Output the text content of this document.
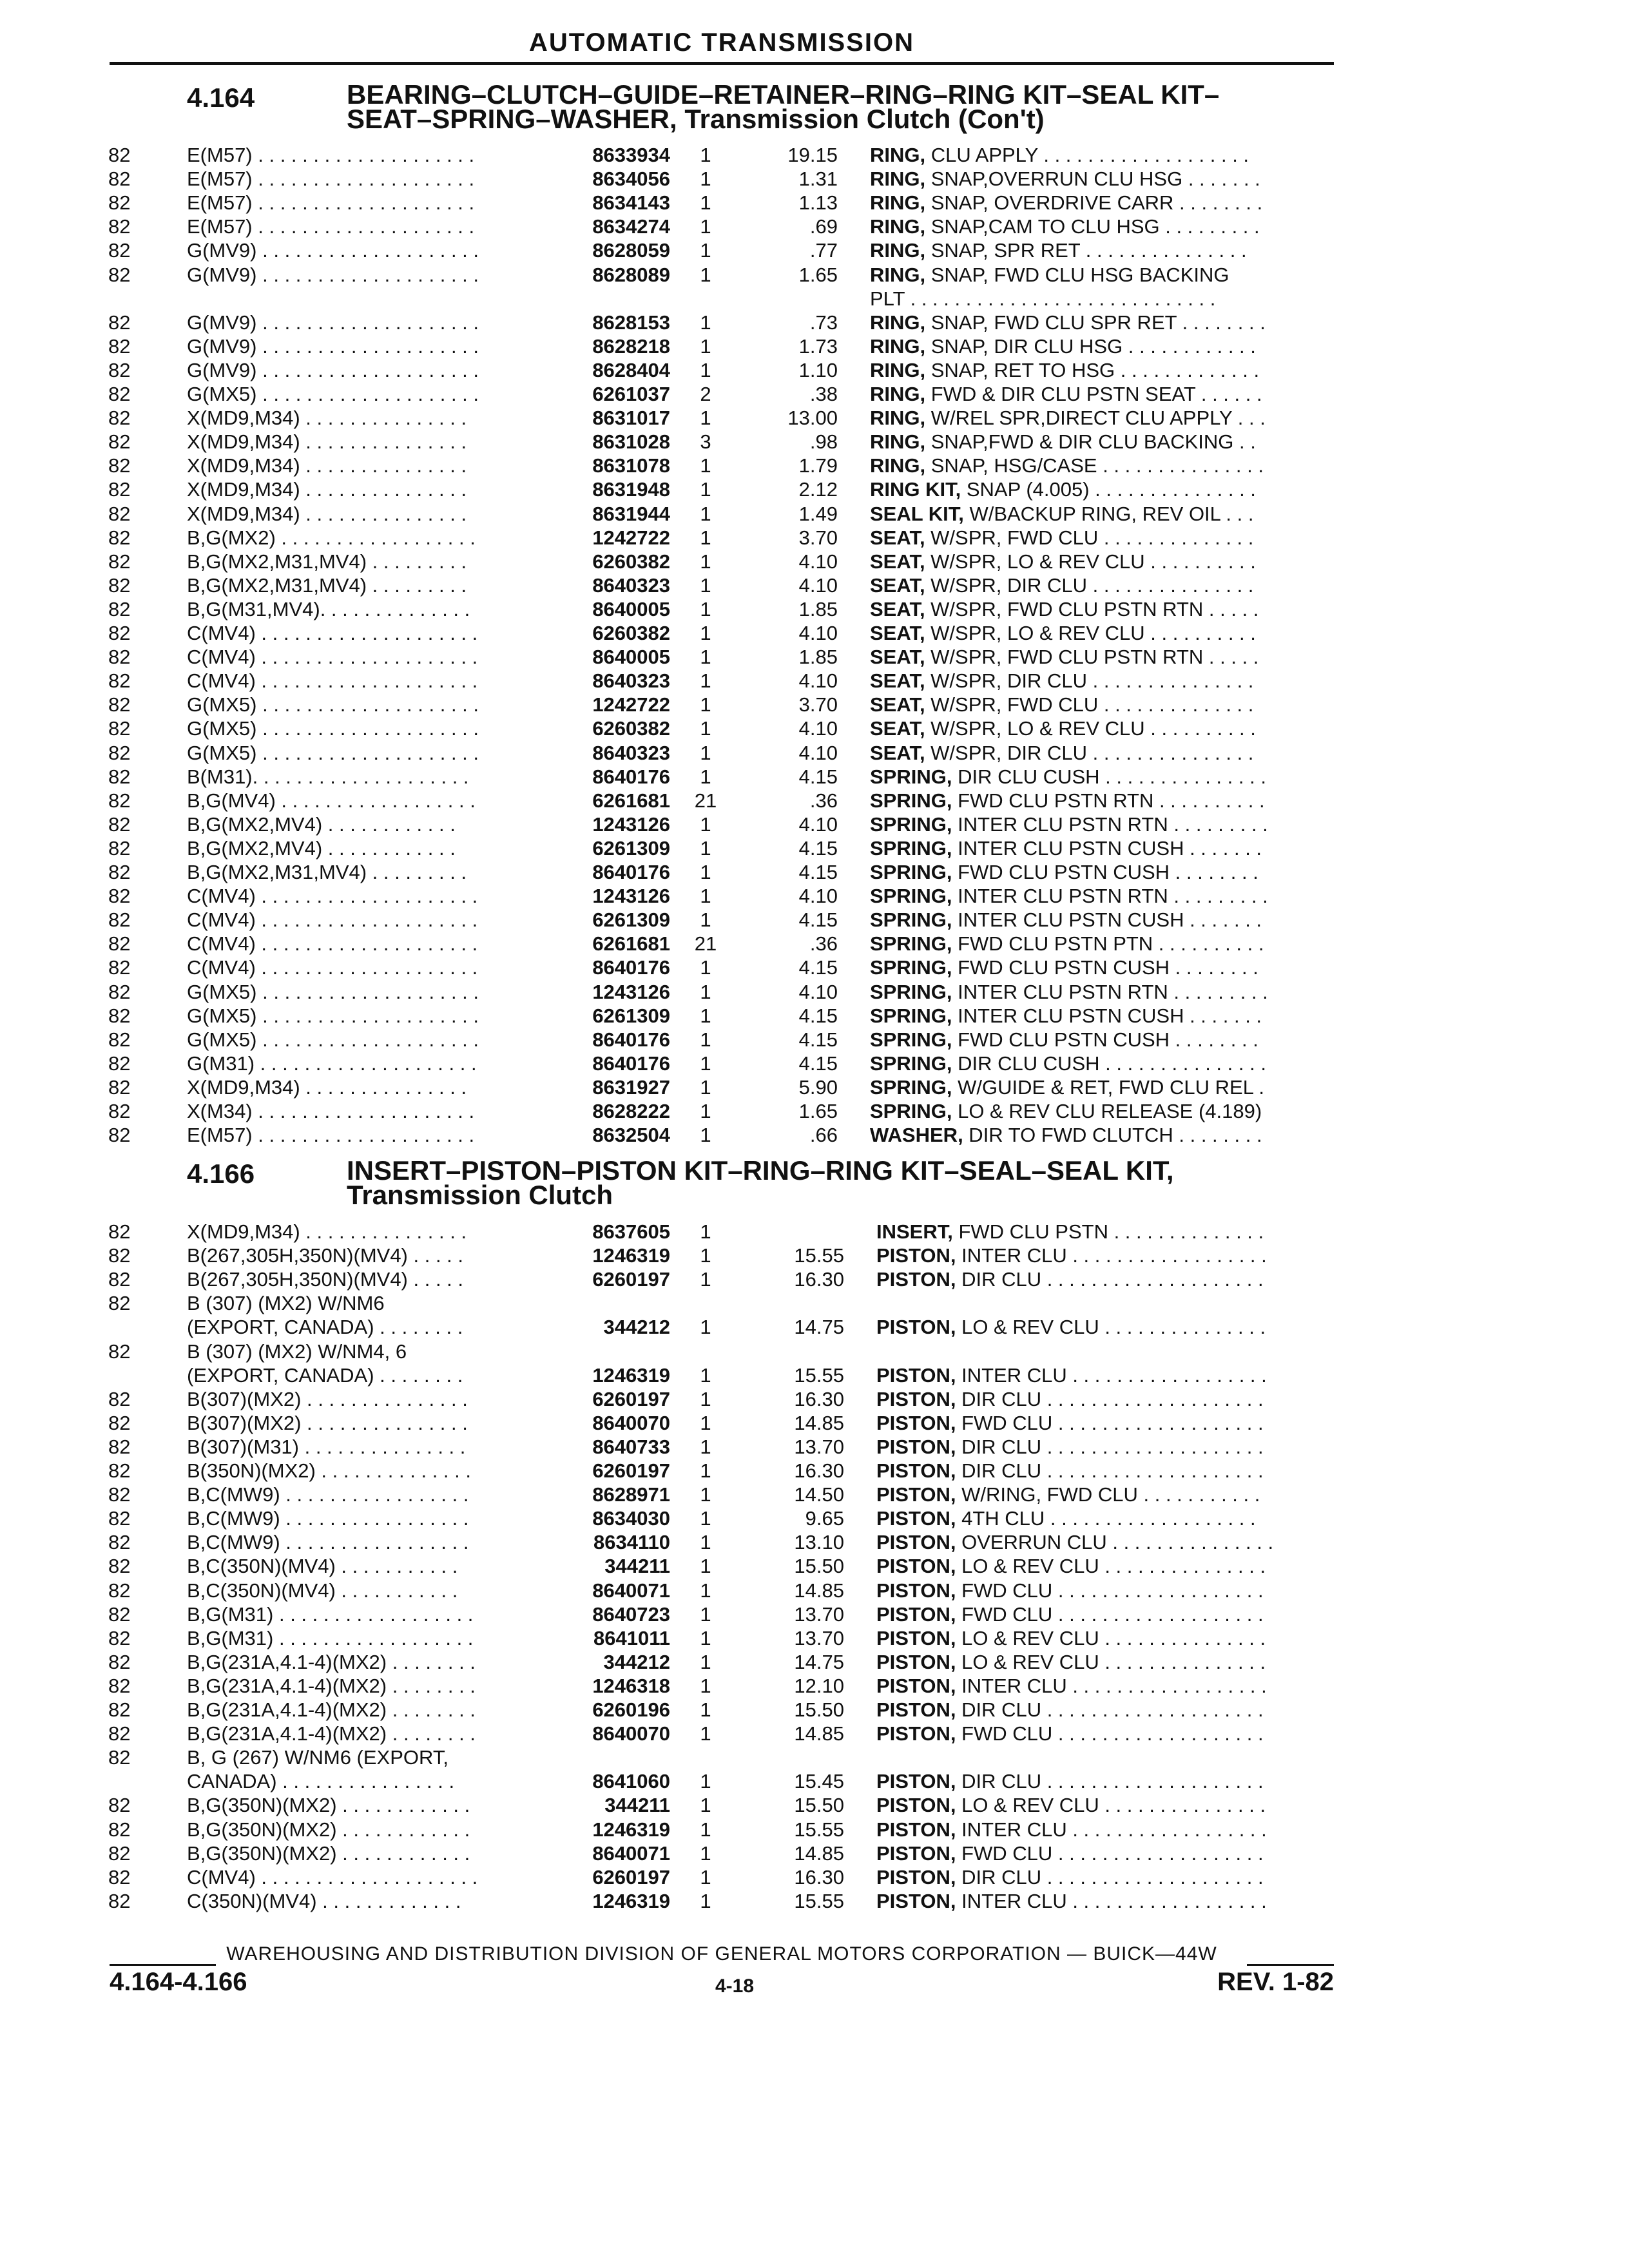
AUTOMATIC TRANSMISSION
4.164	BEARING–CLUTCH–GUIDE–RETAINER–RING–RING KIT–SEAL KIT–
SEAT–SPRING–WASHER, Transmission Clutch (Con't)
82	E(M57) . . . . . . . . . . . . . . . . . . . .	8633934	1	19.15 RING, CLU APPLY . . . . . . . . . . . . . . . . . . .
82	E(M57) . . . . . . . . . . . . . . . . . . . .	8634056	1	1.31 RING, SNAP,OVERRUN CLU HSG . . . . . . .
82	E(M57) . . . . . . . . . . . . . . . . . . . .	8634143	1	1.13 RING, SNAP, OVERDRIVE CARR . . . . . . . .
82	E(M57) . . . . . . . . . . . . . . . . . . . .	8634274	1	.69 RING, SNAP,CAM TO CLU HSG . . . . . . . . .
82	G(MV9) . . . . . . . . . . . . . . . . . . . .	8628059	1	.77 RING, SNAP, SPR RET . . . . . . . . . . . . . . .
82	G(MV9) . . . . . . . . . . . . . . . . . . . .	8628089	1	1.65 RING, SNAP, FWD CLU HSG BACKING
PLT . . . . . . . . . . . . . . . . . . . . . . . . . . . .
82	G(MV9) . . . . . . . . . . . . . . . . . . . .	8628153	1	.73 RING, SNAP, FWD CLU SPR RET . . . . . . . .
82	G(MV9) . . . . . . . . . . . . . . . . . . . .	8628218	1	1.73 RING, SNAP, DIR CLU HSG . . . . . . . . . . . .
82	G(MV9) . . . . . . . . . . . . . . . . . . . .	8628404	1	1.10 RING, SNAP, RET TO HSG . . . . . . . . . . . . .
82	G(MX5) . . . . . . . . . . . . . . . . . . . .	6261037	2	.38 RING, FWD & DIR CLU PSTN SEAT . . . . . .
82	X(MD9,M34) . . . . . . . . . . . . . . .	8631017	1	13.00 RING, W/REL SPR,DIRECT CLU APPLY . . .
82	X(MD9,M34) . . . . . . . . . . . . . . .	8631028	3	.98 RING, SNAP,FWD & DIR CLU BACKING . .
82	X(MD9,M34) . . . . . . . . . . . . . . .	8631078	1	1.79 RING, SNAP, HSG/CASE . . . . . . . . . . . . . . .
82	X(MD9,M34) . . . . . . . . . . . . . . .	8631948	1	2.12 RING KIT, SNAP (4.005) . . . . . . . . . . . . . . .
82	X(MD9,M34) . . . . . . . . . . . . . . .	8631944	1	1.49 SEAL KIT, W/BACKUP RING, REV OIL . . .
82	B,G(MX2) . . . . . . . . . . . . . . . . . .	1242722	1	3.70 SEAT, W/SPR, FWD CLU . . . . . . . . . . . . . .
82	B,G(MX2,M31,MV4) . . . . . . . . .	6260382	1	4.10 SEAT, W/SPR, LO & REV CLU . . . . . . . . . .
82	B,G(MX2,M31,MV4) . . . . . . . . .	8640323	1	4.10 SEAT, W/SPR, DIR CLU . . . . . . . . . . . . . . .
82	B,G(M31,MV4). . . . . . . . . . . . . .	8640005	1	1.85 SEAT, W/SPR, FWD CLU PSTN RTN . . . . .
82	C(MV4) . . . . . . . . . . . . . . . . . . . .	6260382	1	4.10 SEAT, W/SPR, LO & REV CLU . . . . . . . . . .
82	C(MV4) . . . . . . . . . . . . . . . . . . . .	8640005	1	1.85 SEAT, W/SPR, FWD CLU PSTN RTN . . . . .
82	C(MV4) . . . . . . . . . . . . . . . . . . . .	8640323	1	4.10 SEAT, W/SPR, DIR CLU . . . . . . . . . . . . . . .
82	G(MX5) . . . . . . . . . . . . . . . . . . . .	1242722	1	3.70 SEAT, W/SPR, FWD CLU . . . . . . . . . . . . . .
82	G(MX5) . . . . . . . . . . . . . . . . . . . .	6260382	1	4.10 SEAT, W/SPR, LO & REV CLU . . . . . . . . . .
82	G(MX5) . . . . . . . . . . . . . . . . . . . .	8640323	1	4.10 SEAT, W/SPR, DIR CLU . . . . . . . . . . . . . . .
82	B(M31). . . . . . . . . . . . . . . . . . . .	8640176	1	4.15 SPRING, DIR CLU CUSH . . . . . . . . . . . . . . .
82	B,G(MV4) . . . . . . . . . . . . . . . . . .	6261681	21	.36 SPRING, FWD CLU PSTN RTN . . . . . . . . . .
82	B,G(MX2,MV4) . . . . . . . . . . . .	1243126	1	4.10 SPRING, INTER CLU PSTN RTN . . . . . . . . .
82	B,G(MX2,MV4) . . . . . . . . . . . .	6261309	1	4.15 SPRING, INTER CLU PSTN CUSH . . . . . . .
82	B,G(MX2,M31,MV4) . . . . . . . . .	8640176	1	4.15 SPRING, FWD CLU PSTN CUSH . . . . . . . .
82	C(MV4) . . . . . . . . . . . . . . . . . . . .	1243126	1	4.10 SPRING, INTER CLU PSTN RTN . . . . . . . . .
82	C(MV4) . . . . . . . . . . . . . . . . . . . .	6261309	1	4.15 SPRING, INTER CLU PSTN CUSH . . . . . . .
82	C(MV4) . . . . . . . . . . . . . . . . . . . .	6261681	21	.36 SPRING, FWD CLU PSTN PTN . . . . . . . . . .
82	C(MV4) . . . . . . . . . . . . . . . . . . . .	8640176	1	4.15 SPRING, FWD CLU PSTN CUSH . . . . . . . .
82	G(MX5) . . . . . . . . . . . . . . . . . . . .	1243126	1	4.10 SPRING, INTER CLU PSTN RTN . . . . . . . . .
82	G(MX5) . . . . . . . . . . . . . . . . . . . .	6261309	1	4.15 SPRING, INTER CLU PSTN CUSH . . . . . . .
82	G(MX5) . . . . . . . . . . . . . . . . . . . .	8640176	1	4.15 SPRING, FWD CLU PSTN CUSH . . . . . . . .
82	G(M31) . . . . . . . . . . . . . . . . . . . .	8640176	1	4.15 SPRING, DIR CLU CUSH . . . . . . . . . . . . . . .
82	X(MD9,M34) . . . . . . . . . . . . . . .	8631927	1	5.90 SPRING, W/GUIDE & RET, FWD CLU REL .
82	X(M34) . . . . . . . . . . . . . . . . . . . .	8628222	1	1.65 SPRING, LO & REV CLU RELEASE (4.189)
82	E(M57) . . . . . . . . . . . . . . . . . . . .	8632504	1	.66 WASHER, DIR TO FWD CLUTCH . . . . . . . .
4.166	INSERT–PISTON–PISTON KIT–RING–RING KIT–SEAL–SEAL KIT,
Transmission Clutch
82	X(MD9,M34) . . . . . . . . . . . . . . .	8637605	1	INSERT, FWD CLU PSTN . . . . . . . . . . . . . .
82	B(267,305H,350N)(MV4) . . . . .	1246319	1	15.55 PISTON, INTER CLU . . . . . . . . . . . . . . . . . .
82	B(267,305H,350N)(MV4) . . . . .	6260197	1	16.30 PISTON, DIR CLU . . . . . . . . . . . . . . . . . . . .
82	B (307) (MX2) W/NM6
(EXPORT, CANADA) . . . . . . . .	344212	1	14.75 PISTON, LO & REV CLU . . . . . . . . . . . . . . .
82	B (307) (MX2) W/NM4, 6
(EXPORT, CANADA) . . . . . . . .	1246319	1	15.55 PISTON, INTER CLU . . . . . . . . . . . . . . . . . .
82	B(307)(MX2) . . . . . . . . . . . . . . .	6260197	1	16.30 PISTON, DIR CLU . . . . . . . . . . . . . . . . . . . .
82	B(307)(MX2) . . . . . . . . . . . . . . .	8640070	1	14.85 PISTON, FWD CLU . . . . . . . . . . . . . . . . . . .
82	B(307)(M31) . . . . . . . . . . . . . . .	8640733	1	13.70 PISTON, DIR CLU . . . . . . . . . . . . . . . . . . . .
82	B(350N)(MX2) . . . . . . . . . . . . . .	6260197	1	16.30 PISTON, DIR CLU . . . . . . . . . . . . . . . . . . . .
82	B,C(MW9) . . . . . . . . . . . . . . . . .	8628971	1	14.50 PISTON, W/RING, FWD CLU . . . . . . . . . . .
82	B,C(MW9) . . . . . . . . . . . . . . . . .	8634030	1	9.65 PISTON, 4TH CLU . . . . . . . . . . . . . . . . . . .
82	B,C(MW9) . . . . . . . . . . . . . . . . .	8634110	1	13.10 PISTON, OVERRUN CLU . . . . . . . . . . . . . . .
82	B,C(350N)(MV4) . . . . . . . . . . .	344211	1	15.50 PISTON, LO & REV CLU . . . . . . . . . . . . . . .
82	B,C(350N)(MV4) . . . . . . . . . . .	8640071	1	14.85 PISTON, FWD CLU . . . . . . . . . . . . . . . . . . .
82	B,G(M31) . . . . . . . . . . . . . . . . . .	8640723	1	13.70 PISTON, FWD CLU . . . . . . . . . . . . . . . . . . .
82	B,G(M31) . . . . . . . . . . . . . . . . . .	8641011	1	13.70 PISTON, LO & REV CLU . . . . . . . . . . . . . . .
82	B,G(231A,4.1-4)(MX2) . . . . . . . .	344212	1	14.75 PISTON, LO & REV CLU . . . . . . . . . . . . . . .
82	B,G(231A,4.1-4)(MX2) . . . . . . . .	1246318	1	12.10 PISTON, INTER CLU . . . . . . . . . . . . . . . . . .
82	B,G(231A,4.1-4)(MX2) . . . . . . . .	6260196	1	15.50 PISTON, DIR CLU . . . . . . . . . . . . . . . . . . . .
82	B,G(231A,4.1-4)(MX2) . . . . . . . .	8640070	1	14.85 PISTON, FWD CLU . . . . . . . . . . . . . . . . . . .
82	B, G (267) W/NM6 (EXPORT,
CANADA) . . . . . . . . . . . . . . . .	8641060	1	15.45 PISTON, DIR CLU . . . . . . . . . . . . . . . . . . . .
82	B,G(350N)(MX2) . . . . . . . . . . . .	344211	1	15.50 PISTON, LO & REV CLU . . . . . . . . . . . . . . .
82	B,G(350N)(MX2) . . . . . . . . . . . .	1246319	1	15.55 PISTON, INTER CLU . . . . . . . . . . . . . . . . . .
82	B,G(350N)(MX2) . . . . . . . . . . . .	8640071	1	14.85 PISTON, FWD CLU . . . . . . . . . . . . . . . . . . .
82	C(MV4) . . . . . . . . . . . . . . . . . . . .	6260197	1	16.30 PISTON, DIR CLU . . . . . . . . . . . . . . . . . . . .
82	C(350N)(MV4) . . . . . . . . . . . . .	1246319	1	15.55 PISTON, INTER CLU . . . . . . . . . . . . . . . . . .
WAREHOUSING AND DISTRIBUTION DIVISION OF GENERAL MOTORS CORPORATION — BUICK—44W
4.164-4.166	4-18	REV. 1-82
